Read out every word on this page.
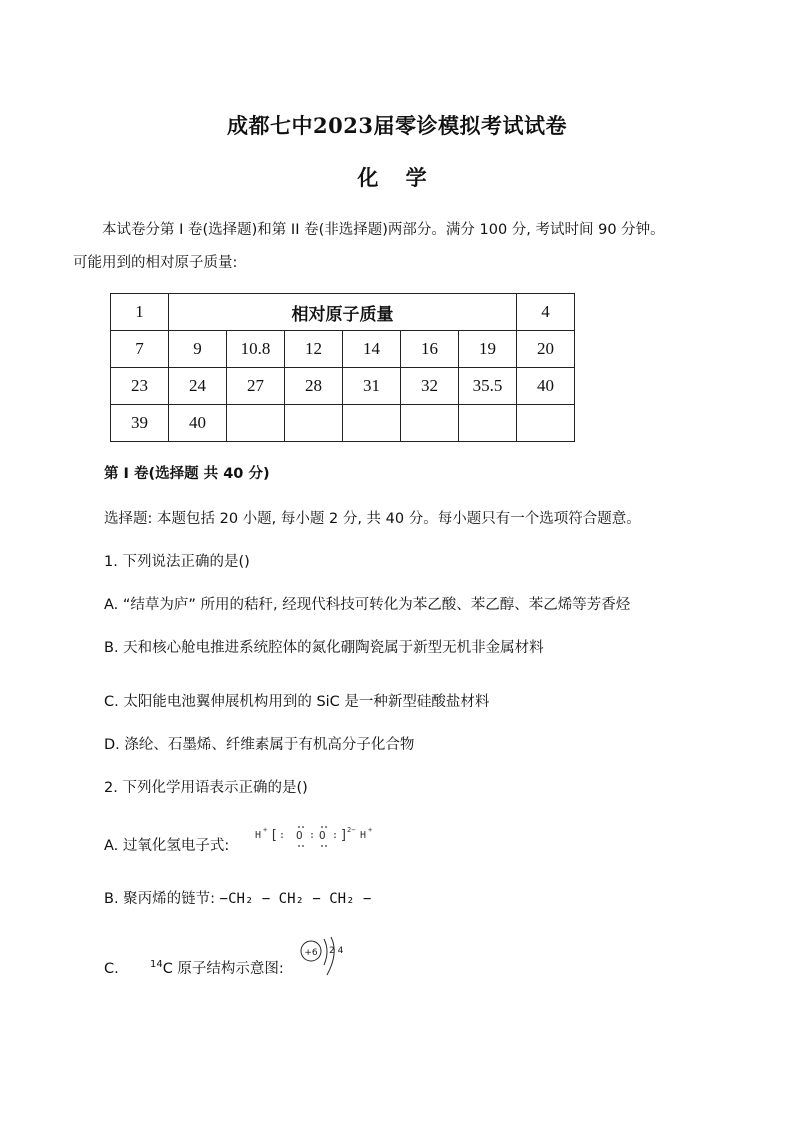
成都七中2023届零诊模拟考试试卷
化 学
本试卷分第 I 卷(选择题)和第 II 卷(非选择题)两部分。满分 100 分, 考试时间 90 分钟。
可能用到的相对原子质量:
1	相对原子质量						4
7	9	10.8	12	14	16	19	20
23	24	27	28	31	32	35.5	40
39	40						
第 I 卷(选择题 共 40 分)
选择题: 本题包括 20 小题, 每小题 2 分, 共 40 分。每小题只有一个选项符合题意。
1. 下列说法正确的是()
A. “结草为庐” 所用的秸秆, 经现代科技可转化为苯乙酸、苯乙醇、苯乙烯等芳香烃
B. 天和核心舱电推进系统腔体的氮化硼陶瓷属于新型无机非金属材料
C. 太阳能电池翼伸展机构用到的 SiC 是一种新型硅酸盐材料
D. 涤纶、石墨烯、纤维素属于有机高分子化合物
2. 下列化学用语表示正确的是()
A. 过氧化氢电子式:
H + [ : O : O : ] 2− H +
B. 聚丙烯的链节: −CH₂ − CH₂ − CH₂ −
C.	$^{14}$C 原子结构示意图:
+6 2 4
